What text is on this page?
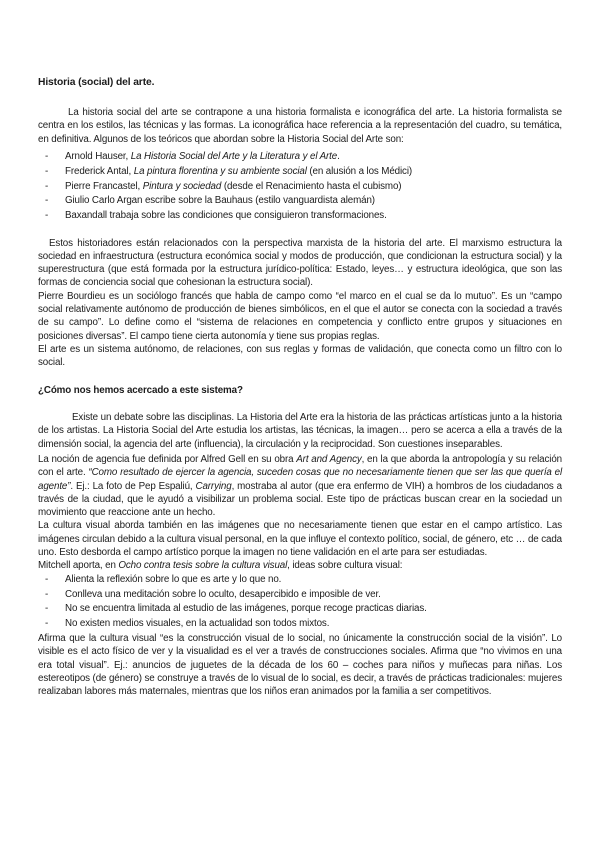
Historia (social) del arte.
La historia social del arte se contrapone a una historia formalista e iconográfica del arte. La historia formalista se centra en los estilos, las técnicas y las formas. La iconográfica hace referencia a la representación del cuadro, su temática, en definitiva. Algunos de los teóricos que abordan sobre la Historia Social del Arte son:
- Arnold Hauser, La Historia Social del Arte y la Literatura y el Arte.
- Frederick Antal, La pintura florentina y su ambiente social (en alusión a los Médici)
- Pierre Francastel, Pintura y sociedad (desde el Renacimiento hasta el cubismo)
- Giulio Carlo Argan escribe sobre la Bauhaus (estilo vanguardista alemán)
- Baxandall trabaja sobre las condiciones que consiguieron transformaciones.
Estos historiadores están relacionados con la perspectiva marxista de la historia del arte. El marxismo estructura la sociedad en infraestructura (estructura económica social y modos de producción, que condicionan la estructura social) y la superestructura (que está formada por la estructura jurídico-política: Estado, leyes… y estructura ideológica, que son las formas de conciencia social que cohesionan la estructura social).
Pierre Bourdieu es un sociólogo francés que habla de campo como “el marco en el cual se da lo mutuo”. Es un “campo social relativamente autónomo de producción de bienes simbólicos, en el que el autor se conecta con la sociedad a través de su campo”. Lo define como el “sistema de relaciones en competencia y conflicto entre grupos y situaciones en posiciones diversas”. El campo tiene cierta autonomía y tiene sus propias reglas.
El arte es un sistema autónomo, de relaciones, con sus reglas y formas de validación, que conecta como un filtro con lo social.
¿Cómo nos hemos acercado a este sistema?
Existe un debate sobre las disciplinas. La Historia del Arte era la historia de las prácticas artísticas junto a la historia de los artistas. La Historia Social del Arte estudia los artistas, las técnicas, la imagen… pero se acerca a ella a través de la dimensión social, la agencia del arte (influencia), la circulación y la reciprocidad. Son cuestiones inseparables.
La noción de agencia fue definida por Alfred Gell en su obra Art and Agency, en la que aborda la antropología y su relación con el arte. “Como resultado de ejercer la agencia, suceden cosas que no necesariamente tienen que ser las que quería el agente”. Ej.: La foto de Pep Espaliú, Carrying, mostraba al autor (que era enfermo de VIH) a hombros de los ciudadanos a través de la ciudad, que le ayudó a visibilizar un problema social. Este tipo de prácticas buscan crear en la sociedad un movimiento que reaccione ante un hecho.
La cultura visual aborda también en las imágenes que no necesariamente tienen que estar en el campo artístico. Las imágenes circulan debido a la cultura visual personal, en la que influye el contexto político, social, de género, etc … de cada uno. Esto desborda el campo artístico porque la imagen no tiene validación en el arte para ser estudiadas.
Mitchell aporta, en Ocho contra tesis sobre la cultura visual, ideas sobre cultura visual:
- Alienta la reflexión sobre lo que es arte y lo que no.
- Conlleva una meditación sobre lo oculto, desapercibido e imposible de ver.
- No se encuentra limitada al estudio de las imágenes, porque recoge practicas diarias.
- No existen medios visuales, en la actualidad son todos mixtos.
Afirma que la cultura visual “es la construcción visual de lo social, no únicamente la construcción social de la visión”. Lo visible es el acto físico de ver y la visualidad es el ver a través de construcciones sociales. Afirma que “no vivimos en una era total visual”. Ej.: anuncios de juguetes de la década de los 60 – coches para niños y muñecas para niñas. Los estereotipos (de género) se construye a través de lo visual de lo social, es decir, a través de prácticas tradicionales: mujeres realizaban labores más maternales, mientras que los niños eran animados por la familia a ser competitivos.
